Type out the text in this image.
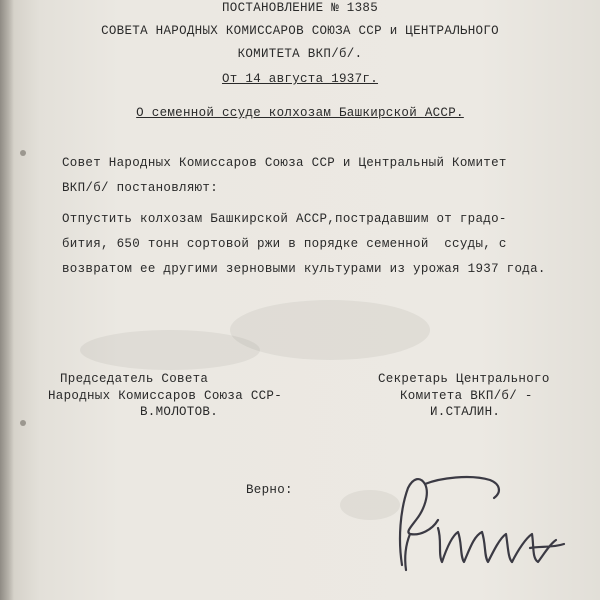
ПОСТАНОВЛЕНИЕ № 1385
СОВЕТА НАРОДНЫХ КОМИССАРОВ СОЮЗА ССР и ЦЕНТРАЛЬНОГО
КОМИТЕТА ВКП/б/.
От 14 августа 1937г.
О семенной ссуде колхозам Башкирской АССР.
Совет Народных Комиссаров Союза ССР и Центральный Комитет
ВКП/б/ постановляют:
Отпустить колхозам Башкирской АССР,пострадавшим от градо-
бития, 650 тонн сортовой ржи в порядке семенной  ссуды, с
возвратом ее другими зерновыми культурами из урожая 1937 года.
Председатель Совета
Народных Комиссаров Союза ССР-
В.МОЛОТОВ.
Секретарь Центрального
Комитета ВКП/б/ -
И.СТАЛИН.
Верно:
